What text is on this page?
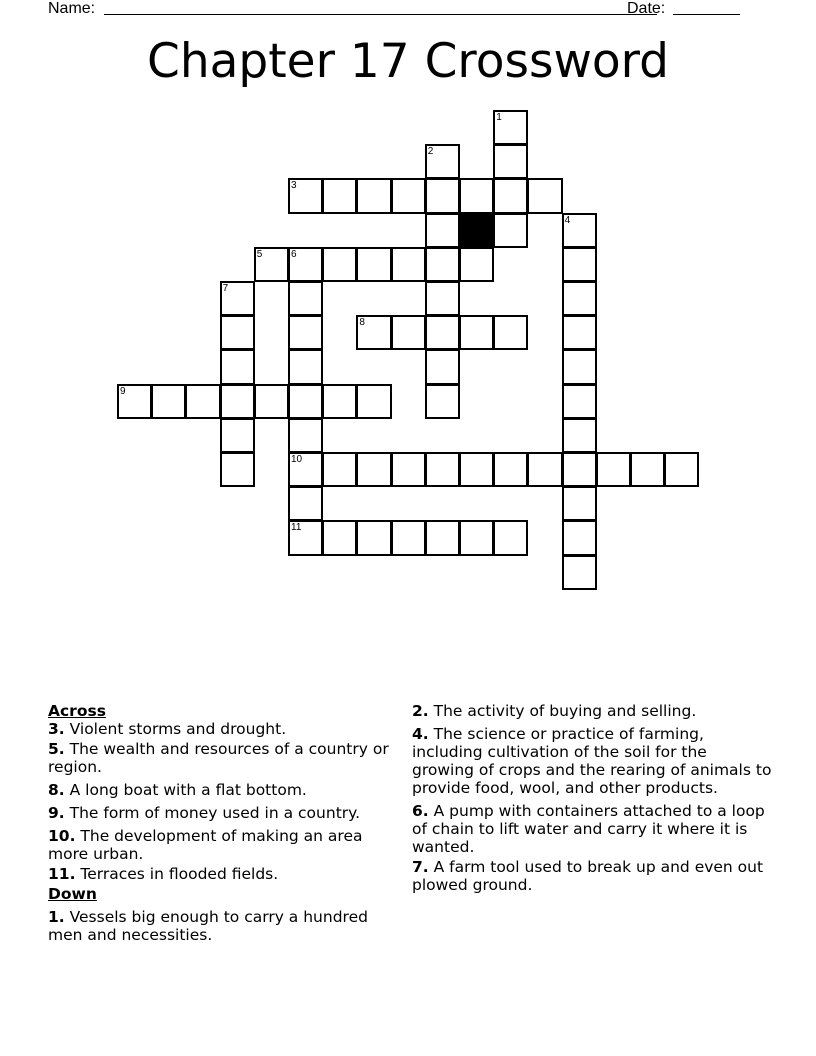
Name:	Date:
Chapter 17 Crossword
1
2
3
4
5	6
10
11
7
8
9

Across

3. Violent storms and drought.

5. The wealth and resources of a country or region.

8. A long boat with a flat bottom.

9. The form of money used in a country.

10. The development of making an area more urban.

11. Terraces in flooded fields.

Down

1. Vessels big enough to carry a hundred men and necessities.

2. The activity of buying and selling.

4. The science or practice of farming, including cultivation of the soil for the growing of crops and the rearing of animals to provide food, wool, and other products.

6. A pump with containers attached to a loop of chain to lift water and carry it where it is wanted.

7. A farm tool used to break up and even out plowed ground.
